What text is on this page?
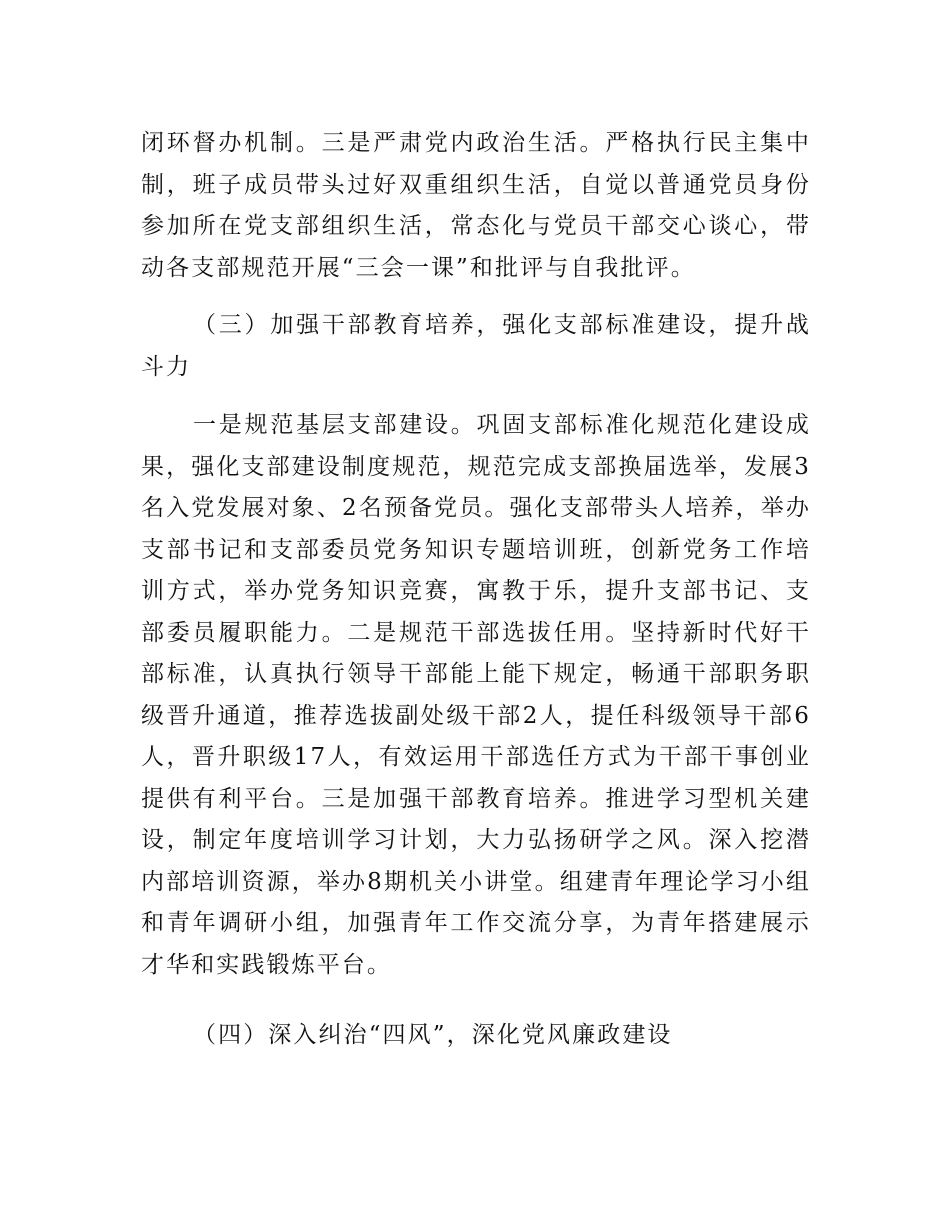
闭环督办机制。三是严肃党内政治生活。严格执行民主集中制，班子成员带头过好双重组织生活，自觉以普通党员身份参加所在党支部组织生活，常态化与党员干部交心谈心，带动各支部规范开展“三会一课”和批评与自我批评。

（三）加强干部教育培养，强化支部标准建设，提升战斗力

一是规范基层支部建设。巩固支部标准化规范化建设成果，强化支部建设制度规范，规范完成支部换届选举，发展3名入党发展对象、2名预备党员。强化支部带头人培养，举办支部书记和支部委员党务知识专题培训班，创新党务工作培训方式，举办党务知识竞赛，寓教于乐，提升支部书记、支部委员履职能力。二是规范干部选拔任用。坚持新时代好干部标准，认真执行领导干部能上能下规定，畅通干部职务职级晋升通道，推荐选拔副处级干部2人，提任科级领导干部6人，晋升职级17人，有效运用干部选任方式为干部干事创业提供有利平台。三是加强干部教育培养。推进学习型机关建设，制定年度培训学习计划，大力弘扬研学之风。深入挖潜内部培训资源，举办8期机关小讲堂。组建青年理论学习小组和青年调研小组，加强青年工作交流分享，为青年搭建展示才华和实践锻炼平台。

（四）深入纠治“四风”，深化党风廉政建设
